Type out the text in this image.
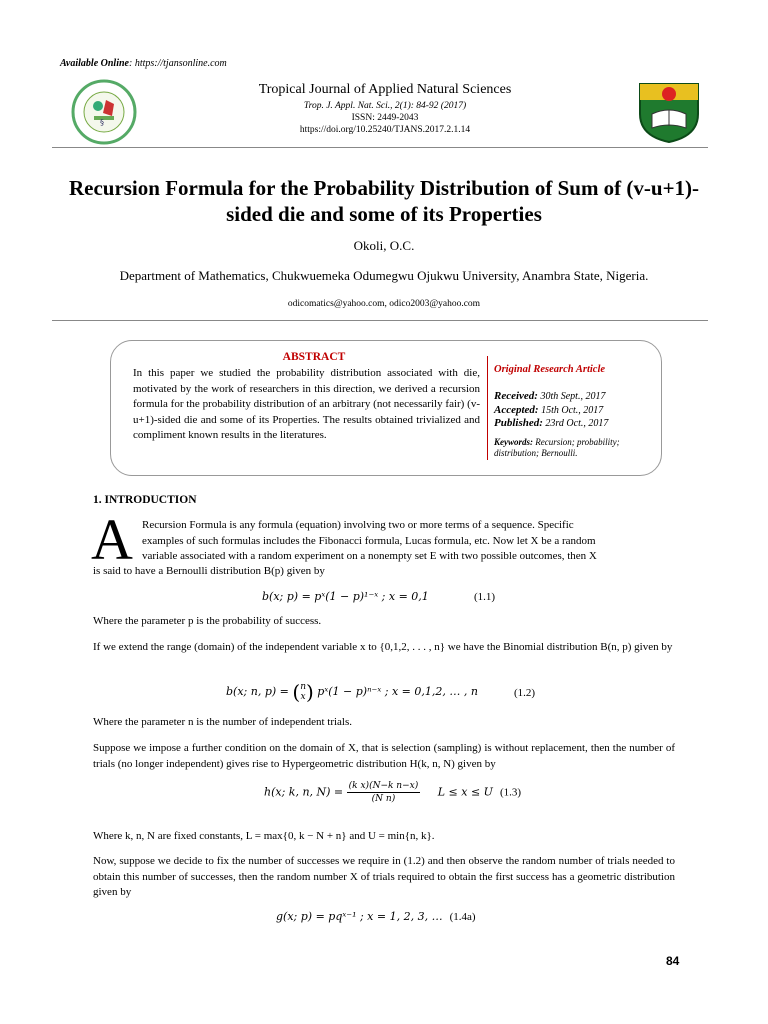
Available Online: https://tjansonline.com
§
Tropical Journal of Applied Natural Sciences
Trop. J. Appl. Nat. Sci., 2(1): 84-92 (2017)
ISSN: 2449-2043
https://doi.org/10.25240/TJANS.2017.2.1.14
Recursion Formula for the Probability Distribution of Sum of (v-u+1)-sided die and some of its Properties
Okoli, O.C.
Department of Mathematics, Chukwuemeka Odumegwu Ojukwu University, Anambra State, Nigeria.
odicomatics@yahoo.com, odico2003@yahoo.com
ABSTRACT
In this paper we studied the probability distribution associated with die, motivated by the work of researchers in this direction, we derived a recursion formula for the probability distribution of an arbitrary (not necessarily fair) (v-u+1)-sided die and some of its Properties. The results obtained trivialized and compliment known results in the literatures.
Original Research Article
Received: 30th Sept., 2017
Accepted: 15th Oct., 2017
Published: 23rd Oct., 2017
Keywords: Recursion; probability; distribution; Bernoulli.
1. INTRODUCTION
A Recursion Formula is any formula (equation) involving two or more terms of a sequence. Specific
examples of such formulas includes the Fibonacci formula, Lucas formula, etc. Now let X be a random
variable associated with a random experiment on a nonempty set E with two possible outcomes, then X
is said to have a Bernoulli distribution B(p) given by
b(x; p) = pˣ(1 − p)¹⁻ˣ ; x = 0,1	(1.1)
Where the parameter p is the probability of success.
If we extend the range (domain) of the independent variable x to {0,1,2, . . . , n} we have the Binomial distribution B(n, p) given by
b(x; n, p) = (n
x) pˣ(1 − p)ⁿ⁻ˣ ; x = 0,1,2, … , n	(1.2)
Where the parameter n is the number of independent trials.
Suppose we impose a further condition on the domain of X, that is selection (sampling) is without replacement, then the number of trials (no longer independent) gives rise to Hypergeometric distribution H(k, n, N) given by
h(x; k, n, $N) = \frac{\text{(k x)(N−k n−x)}}{\text{(N n)}}$ L ≤ x ≤ U (1.3)
Where k, n, N are fixed constants, L = max{0, k − N + n} and U = min{n, k}.
Now, suppose we decide to fix the number of successes we require in (1.2) and then observe the random number of trials needed to obtain this number of successes, then the random number X of trials required to obtain the first success has a geometric distribution given by
g(x; p) = pqˣ⁻¹ ; x = 1, 2, 3, … (1.4a)
84
